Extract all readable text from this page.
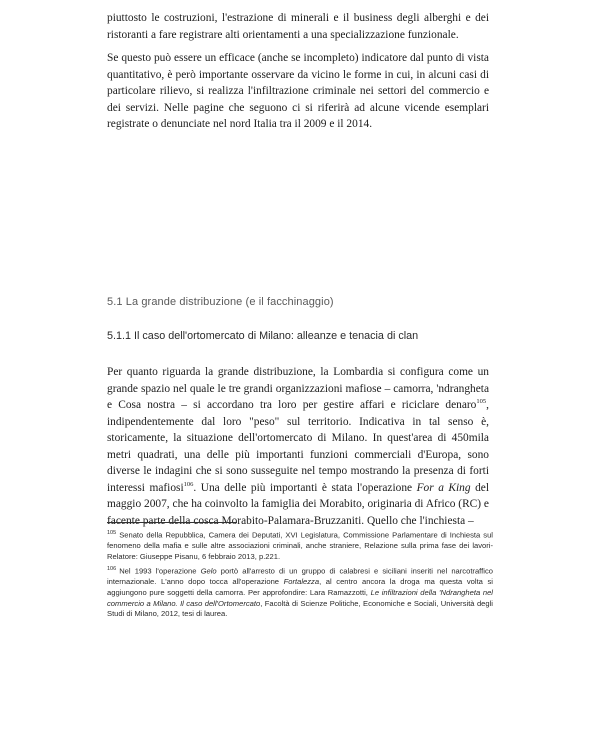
piuttosto le costruzioni, l'estrazione di minerali e il business degli alberghi e dei ristoranti a fare registrare alti orientamenti a una specializzazione funzionale.

Se questo può essere un efficace (anche se incompleto) indicatore dal punto di vista quantitativo, è però importante osservare da vicino le forme in cui, in alcuni casi di particolare rilievo, si realizza l'infiltrazione criminale nei settori del commercio e dei servizi. Nelle pagine che seguono ci si riferirà ad alcune vicende esemplari registrate o denunciate nel nord Italia tra il 2009 e il 2014.

5.1 La grande distribuzione (e il facchinaggio)
5.1.1 Il caso dell'ortomercato di Milano: alleanze e tenacia di clan

Per quanto riguarda la grande distribuzione, la Lombardia si configura come un grande spazio nel quale le tre grandi organizzazioni mafiose – camorra, 'ndrangheta e Cosa nostra – si accordano tra loro per gestire affari e riciclare denaro$^{105}$, indipendentemente dal loro "peso" sul territorio. Indicativa in tal senso è, storicamente, la situazione dell'ortomercato di Milano. In quest'area di 450mila metri quadrati, una delle più importanti funzioni commerciali d'Europa, sono diverse le indagini che si sono susseguite nel tempo mostrando la presenza di forti interessi mafiosi$^{106}$. Una delle più importanti è stata l'operazione For a King del maggio 2007, che ha coinvolto la famiglia dei Morabito, originaria di Africo (RC) e facente parte della cosca Morabito-Palamara-Bruzzaniti. Quello che l'inchiesta –

$^{105}$ Senato della Repubblica, Camera dei Deputati, XVI Legislatura, Commissione Parlamentare di Inchiesta sul fenomeno della mafia e sulle altre associazioni criminali, anche straniere, Relazione sulla prima fase dei lavori-Relatore: Giuseppe Pisanu, 6 febbraio 2013, p.221.

$^{106}$ Nel 1993 l'operazione Gelo portò all'arresto di un gruppo di calabresi e siciliani inseriti nel narcotraffico internazionale. L'anno dopo tocca all'operazione Fortalezza, al centro ancora la droga ma questa volta si aggiungono pure soggetti della camorra. Per approfondire: Lara Ramazzotti, Le infiltrazioni della 'Ndrangheta nel commercio a Milano. Il caso dell'Ortomercato, Facoltà di Scienze Politiche, Economiche e Sociali, Università degli Studi di Milano, 2012, tesi di laurea.
